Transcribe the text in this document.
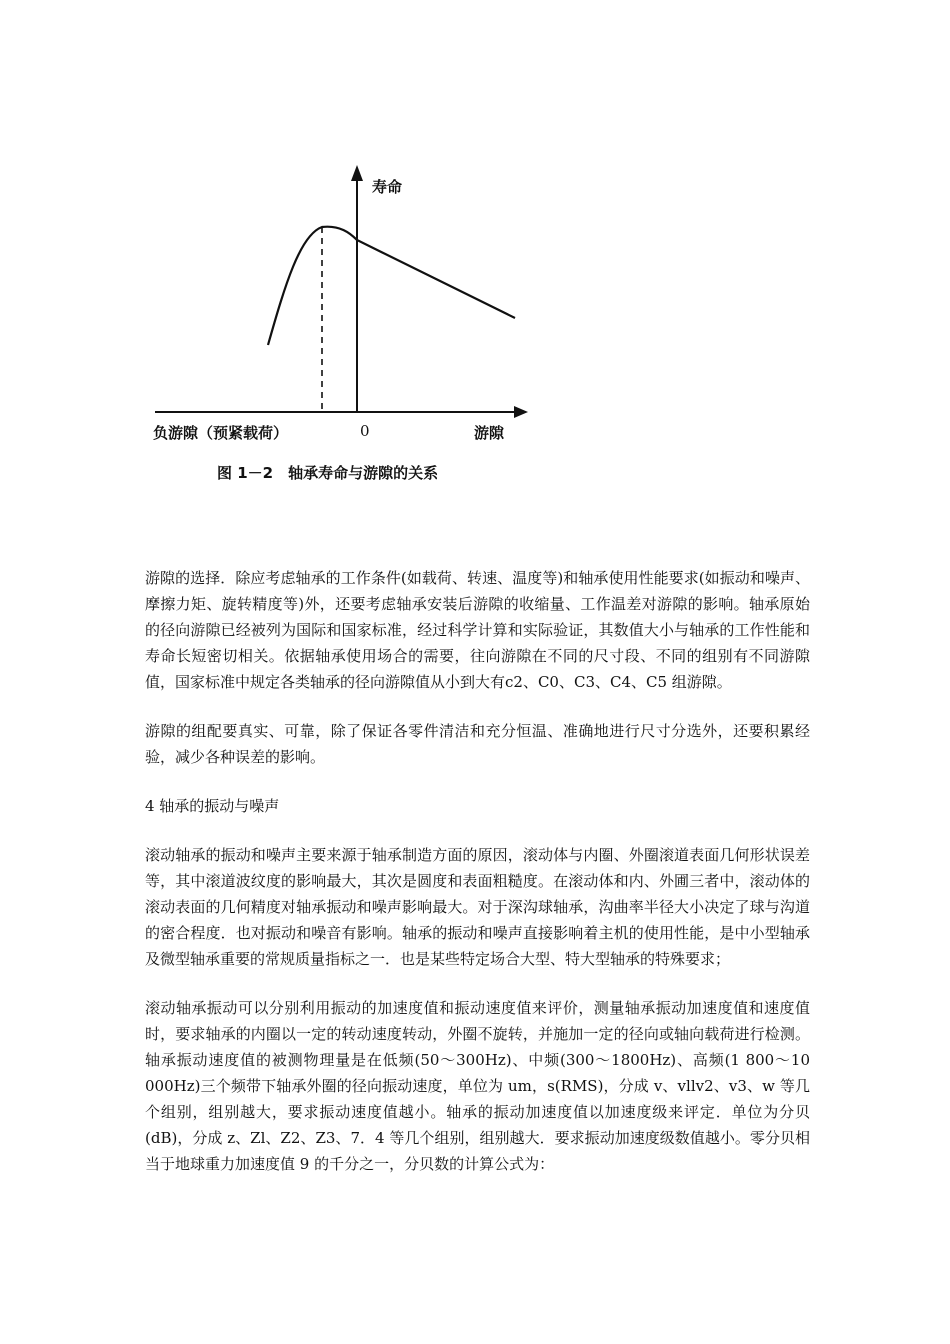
寿命
负游隙（预紧载荷）	0	游隙
图 1－2　轴承寿命与游隙的关系

游隙的选择．除应考虑轴承的工作条件(如载荷、转速、温度等)和轴承使用性能要求(如振动和噪声、摩擦力矩、旋转精度等)外，还要考虑轴承安装后游隙的收缩量、工作温差对游隙的影响。轴承原始的径向游隙已经被列为国际和国家标准，经过科学计算和实际验证，其数值大小与轴承的工作性能和寿命长短密切相关。依据轴承使用场合的需要，往向游隙在不同的尺寸段、不同的组别有不同游隙值，国家标准中规定各类轴承的径向游隙值从小到大有c2、C0、C3、C4、C5 组游隙。

游隙的组配要真实、可靠，除了保证各零件清洁和充分恒温、准确地进行尺寸分选外，还要积累经验，减少各种误差的影响。

4 轴承的振动与噪声

滚动轴承的振动和噪声主要来源于轴承制造方面的原因，滚动体与内圈、外圈滚道表面几何形状误差等，其中滚道波纹度的影响最大，其次是圆度和表面粗糙度。在滚动体和内、外圃三者中，滚动体的滚动表面的几何精度对轴承振动和噪声影响最大。对于深沟球轴承，沟曲率半径大小决定了球与沟道的密合程度．也对振动和噪音有影响。轴承的振动和噪声直接影响着主机的使用性能，是中小型轴承及微型轴承重要的常规质量指标之一．也是某些特定场合大型、特大型轴承的特殊要求；

滚动轴承振动可以分别利用振动的加速度值和振动速度值来评价，测量轴承振动加速度值和速度值时，要求轴承的内圈以一定的转动速度转动，外圈不旋转，并施加一定的径向或轴向载荷进行检测。轴承振动速度值的被测物理量是在低频(50～300Hz)、中频(300～1800Hz)、高频(1 800～10 000Hz)三个频带下轴承外圈的径向振动速度，单位为 um，s(RMS)，分成 v、vllv2、v3、w 等几个组别，组别越大，要求振动速度值越小。轴承的振动加速度值以加速度级来评定．单位为分贝(dB)，分成 z、Zl、Z2、Z3、7．4 等几个组别，组别越大．要求振动加速度级数值越小。零分贝相当于地球重力加速度值 9 的千分之一，分贝数的计算公式为：
